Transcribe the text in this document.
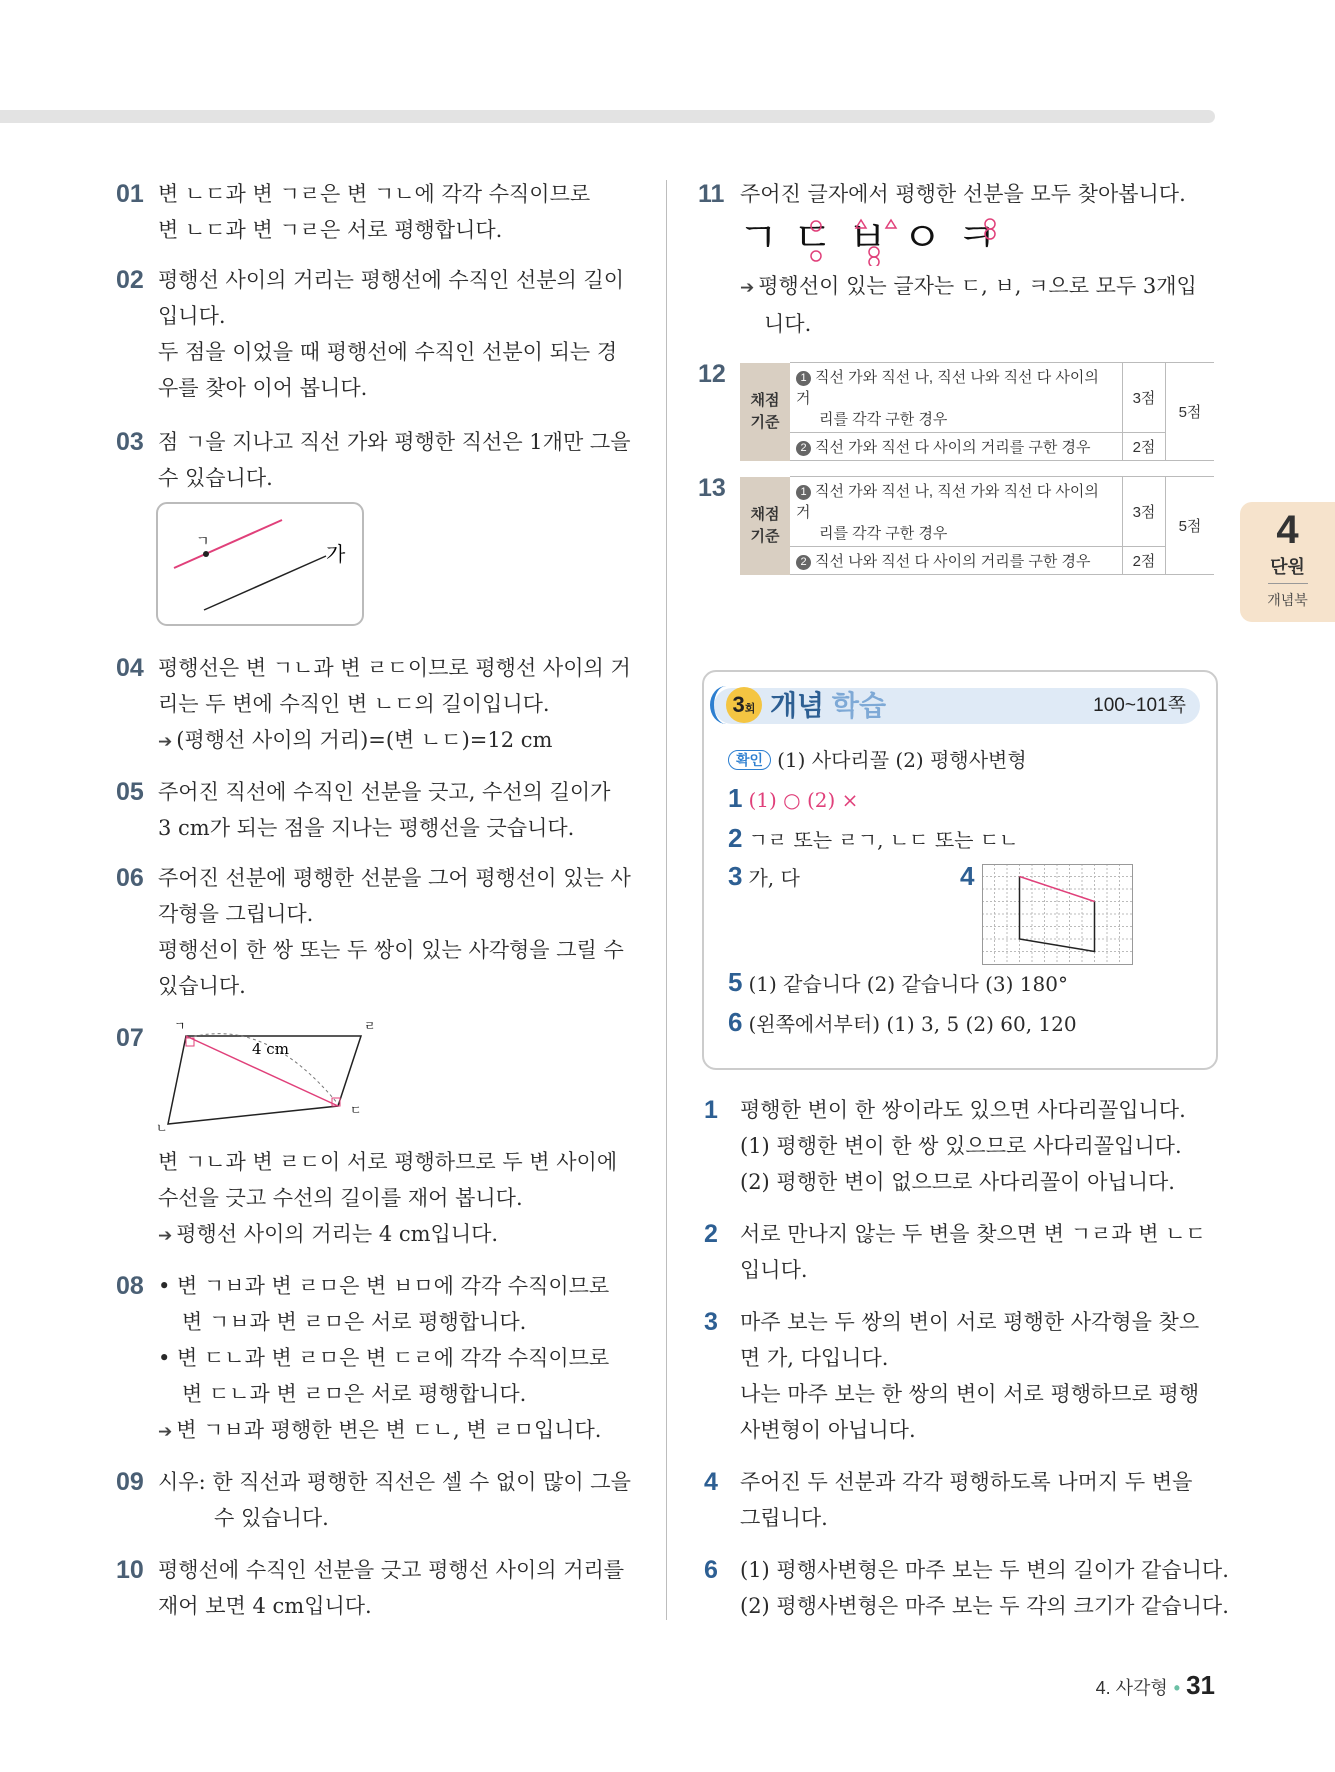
01 변 ㄴㄷ과 변 ㄱㄹ은 변 ㄱㄴ에 각각 수직이므로
변 ㄴㄷ과 변 ㄱㄹ은 서로 평행합니다.
02 평행선 사이의 거리는 평행선에 수직인 선분의 길이
입니다.
두 점을 이었을 때 평행선에 수직인 선분이 되는 경
우를 찾아 이어 봅니다.
03 점 ㄱ을 지나고 직선 가와 평행한 직선은 1개만 그을
수 있습니다.
ㄱ	가
04 평행선은 변 ㄱㄴ과 변 ㄹㄷ이므로 평행선 사이의 거
리는 두 변에 수직인 변 ㄴㄷ의 길이입니다.
➔ (평행선 사이의 거리)=(변 ㄴㄷ)=12 cm
05 주어진 직선에 수직인 선분을 긋고, 수선의 길이가
3 cm가 되는 점을 지나는 평행선을 긋습니다.
06 주어진 선분에 평행한 선분을 그어 평행선이 있는 사
각형을 그립니다.
평행선이 한 쌍 또는 두 쌍이 있는 사각형을 그릴 수
있습니다.
07	ㄱ	ㄹ
ㄴ
ㄷ
4 cm
변 ㄱㄴ과 변 ㄹㄷ이 서로 평행하므로 두 변 사이에
수선을 긋고 수선의 길이를 재어 봅니다.
➔ 평행선 사이의 거리는 4 cm입니다.
08 • 변 ㄱㅂ과 변 ㄹㅁ은 변 ㅂㅁ에 각각 수직이므로
변 ㄱㅂ과 변 ㄹㅁ은 서로 평행합니다.
• 변 ㄷㄴ과 변 ㄹㅁ은 변 ㄷㄹ에 각각 수직이므로
변 ㄷㄴ과 변 ㄹㅁ은 서로 평행합니다.
➔ 변 ㄱㅂ과 평행한 변은 변 ㄷㄴ, 변 ㄹㅁ입니다.
09 시우: 한 직선과 평행한 직선은 셀 수 없이 많이 그을
수 있습니다.
10 평행선에 수직인 선분을 긋고 평행선 사이의 거리를
재어 보면 4 cm입니다.
11 주어진 글자에서 평행한 선분을 모두 찾아봅니다.
ㄱㄷㅂㅇㅋ
➔ 평행선이 있는 글자는 ㄷ, ㅂ, ㅋ으로 모두 3개입
니다.
12
채점 기준	1 직선 가와 직선 나, 직선 나와 직선 다 사이의 거
리를 각각 구한 경우	3점	5점
	2 직선 가와 직선 다 사이의 거리를 구한 경우	2점	
13
채점 기준	1 직선 가와 직선 나, 직선 가와 직선 다 사이의 거
리를 각각 구한 경우	3점	5점
	2 직선 나와 직선 다 사이의 거리를 구한 경우	2점	
4
단원
개념북
3회 개념 학습	100~101쪽
확인 (1) 사다리꼴 (2) 평행사변형
1 (1) ○ (2) ×
2 ㄱㄹ 또는 ㄹㄱ, ㄴㄷ 또는 ㄷㄴ
3 가, 다	4
5 (1) 같습니다 (2) 같습니다 (3) 180°
6 (왼쪽에서부터) (1) 3, 5 (2) 60, 120
1 평행한 변이 한 쌍이라도 있으면 사다리꼴입니다.
(1) 평행한 변이 한 쌍 있으므로 사다리꼴입니다.
(2) 평행한 변이 없으므로 사다리꼴이 아닙니다.
2 서로 만나지 않는 두 변을 찾으면 변 ㄱㄹ과 변 ㄴㄷ
입니다.
3 마주 보는 두 쌍의 변이 서로 평행한 사각형을 찾으
면 가, 다입니다.
나는 마주 보는 한 쌍의 변이 서로 평행하므로 평행
사변형이 아닙니다.
4 주어진 두 선분과 각각 평행하도록 나머지 두 변을
그립니다.
6 (1) 평행사변형은 마주 보는 두 변의 길이가 같습니다.
(2) 평행사변형은 마주 보는 두 각의 크기가 같습니다.
4. 사각형 • 31
